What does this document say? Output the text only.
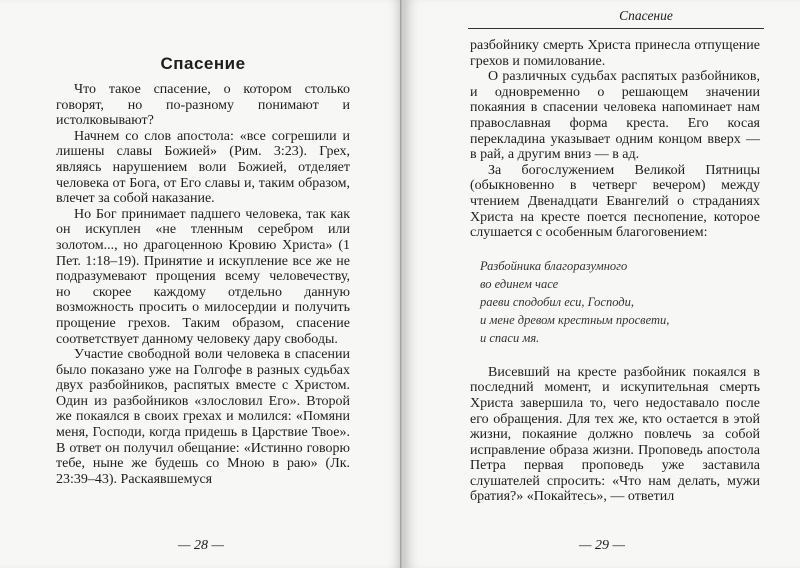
Спасение

Что такое спасение, о котором столько говорят, но по-разному понимают и истолковывают?

Начнем со слов апостола: «все согрешили и лишены славы Божией» (Рим. 3:23). Грех, являясь нарушением воли Божией, отделяет человека от Бога, от Его славы и, таким образом, влечет за собой наказание.

Но Бог принимает падшего человека, так как он искуплен «не тленным серебром или золотом..., но драгоценною Кровию Христа» (1 Пет. 1:18–19). Принятие и искупление все же не подразумевают прощения всему человечеству, но скорее каждому отдельно данную возможность просить о милосердии и получить прощение грехов. Таким образом, спасение соответствует данному человеку дару свободы.

Участие свободной воли человека в спасении было показано уже на Голгофе в разных судьбах двух разбойников, распятых вместе с Христом. Один из разбойников «злословил Его». Второй же покаялся в своих грехах и молился: «Помяни меня, Господи, когда придешь в Царствие Твое». В ответ он получил обещание: «Истинно говорю тебе, ныне же будешь со Мною в раю» (Лк. 23:39–43). Раскаявшемуся

— 28 —

разбойнику смерть Христа принесла отпущение грехов и помилование.

О различных судьбах распятых разбойников, и одновременно о решающем значении покаяния в спасении человека напоминает нам православная форма креста. Его косая перекладина указывает одним концом вверх — в рай, а другим вниз — в ад.

За богослужением Великой Пятницы (обыкновенно в четверг вечером) между чтением Двенадцати Евангелий о страданиях Христа на кресте поется песнопение, которое слушается с особенным благоговением:

Разбойника благоразумного
во единем часе
раеви сподобил еси, Господи,
и мене древом крестным просвети,
и спаси мя.

Висевший на кресте разбойник покаялся в последний момент, и искупительная смерть Христа завершила то, чего недоставало после его обращения. Для тех же, кто остается в этой жизни, покаяние должно повлечь за собой исправление образа жизни. Проповедь апостола Петра первая проповедь уже заставила слушателей спросить: «Что нам делать, мужи братия?» «Покайтесь», — ответил

— 29 —
Спасение
